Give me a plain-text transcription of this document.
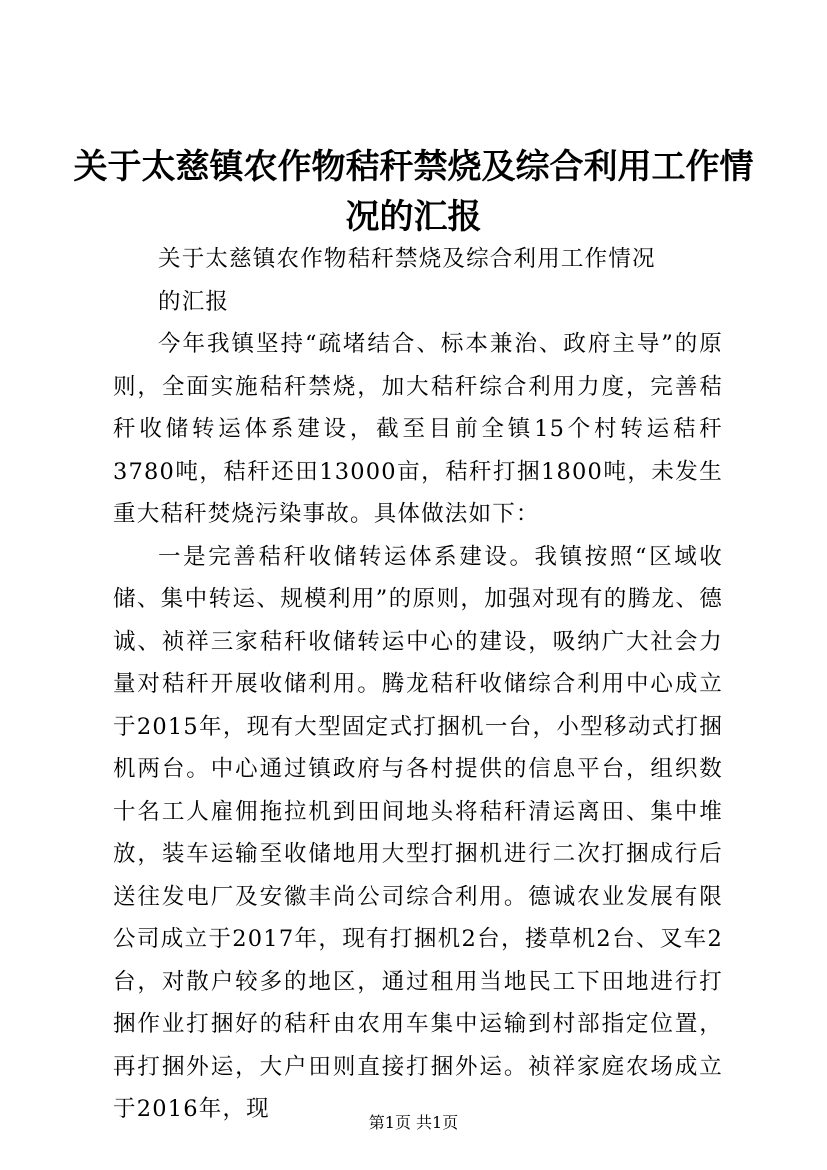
关于太慈镇农作物秸秆禁烧及综合利用工作情况的汇报

关于太慈镇农作物秸秆禁烧及综合利用工作情况

的汇报

今年我镇坚持“疏堵结合、标本兼治、政府主导”的原则，全面实施秸秆禁烧，加大秸秆综合利用力度，完善秸秆收储转运体系建设，截至目前全镇15个村转运秸秆3780吨，秸秆还田13000亩，秸秆打捆1800吨，未发生重大秸秆焚烧污染事故。具体做法如下：

一是完善秸秆收储转运体系建设。我镇按照“区域收储、集中转运、规模利用”的原则，加强对现有的腾龙、德诚、祯祥三家秸秆收储转运中心的建设，吸纳广大社会力量对秸秆开展收储利用。腾龙秸秆收储综合利用中心成立于2015年，现有大型固定式打捆机一台，小型移动式打捆机两台。中心通过镇政府与各村提供的信息平台，组织数十名工人雇佣拖拉机到田间地头将秸秆清运离田、集中堆放，装车运输至收储地用大型打捆机进行二次打捆成行后送往发电厂及安徽丰尚公司综合利用。德诚农业发展有限公司成立于2017年，现有打捆机2台，搂草机2台、叉车2台，对散户较多的地区，通过租用当地民工下田地进行打捆作业打捆好的秸秆由农用车集中运输到村部指定位置，再打捆外运，大户田则直接打捆外运。祯祥家庭农场成立于2016年，现

第1页 共1页
